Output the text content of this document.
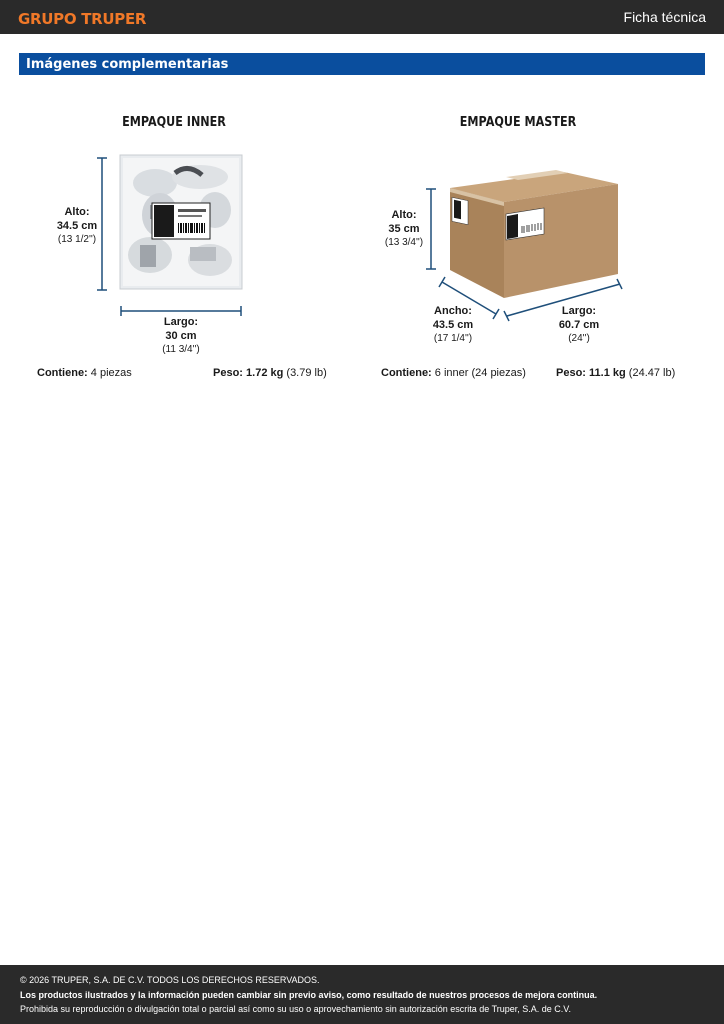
GRUPO TRUPER	Ficha técnica
Imágenes complementarias
EMPAQUE INNER
Alto:
34.5 cm
(13 1/2'')
Largo:
30 cm
(11 3/4'')
Contiene: 4 piezas	Peso: 1.72 kg (3.79 lb)
EMPAQUE MASTER
Alto:
35 cm
(13 3/4'')
Ancho:
43.5 cm
(17 1/4'')
Largo:
60.7 cm
(24'')
Contiene: 6 inner (24 piezas)	Peso: 11.1 kg (24.47 lb)
© 2026 TRUPER, S.A. DE C.V. TODOS LOS DERECHOS RESERVADOS.
Los productos ilustrados y la información pueden cambiar sin previo aviso, como resultado de nuestros procesos de mejora continua.
Prohibida su reproducción o divulgación total o parcial así como su uso o aprovechamiento sin autorización escrita de Truper, S.A. de C.V.
